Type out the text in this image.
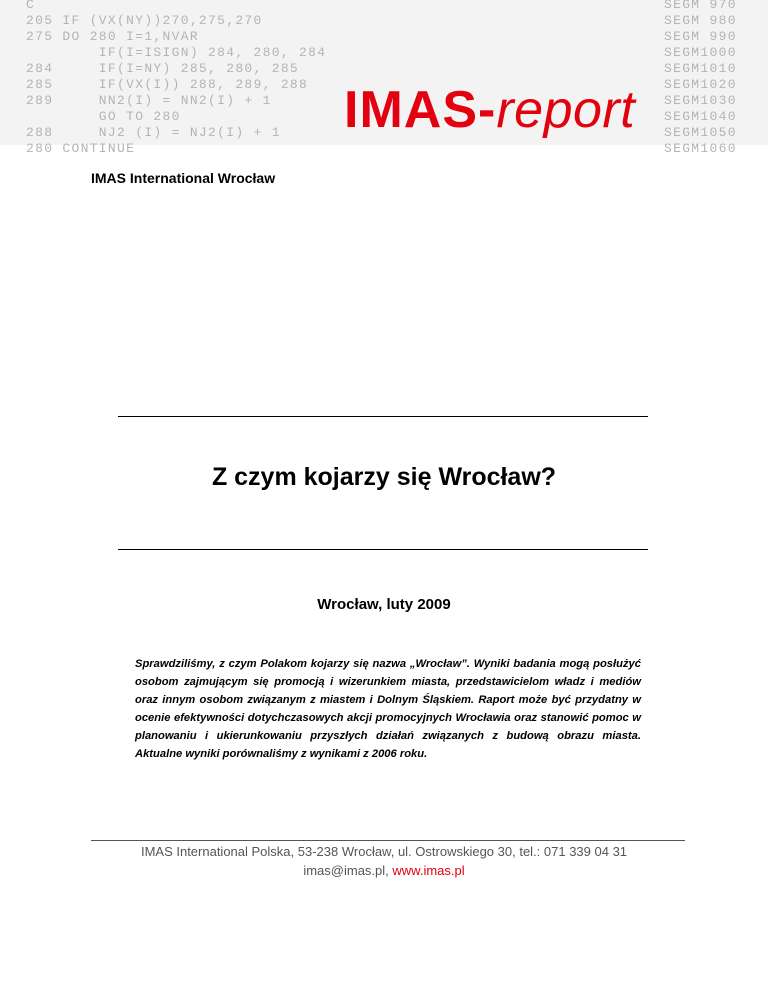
C
205 IF (VX(NY))270,275,270
275 DO 280 I=1,NVAR
IF(I=ISIGN) 284, 280, 284
284     IF(I=NY) 285, 280, 285
285     IF(VX(I)) 288, 289, 288
289     NN2(I) = NN2(I) + 1
GO TO 280
288     NJ2 (I) = NJ2(I) + 1
280 CONTINUE
SEGM 970
SEGM 980
SEGM 990
SEGM1000
SEGM1010
SEGM1020
SEGM1030
SEGM1040
SEGM1050
SEGM1060
IMAS-report
IMAS International Wrocław
Z czym kojarzy się Wrocław?
Wrocław, luty 2009
Sprawdziliśmy, z czym Polakom kojarzy się nazwa „Wrocław”. Wyniki badania mogą posłużyć osobom zajmującym się promocją i wizerunkiem miasta, przedstawicielom władz i mediów oraz innym osobom związanym z miastem i Dolnym Śląskiem. Raport może być przydatny w ocenie efektywności dotychczasowych akcji promocyjnych Wrocławia oraz stanowić pomoc w planowaniu i ukierunkowaniu przyszłych działań związanych z budową obrazu miasta. Aktualne wyniki porównaliśmy z wynikami z 2006 roku.
IMAS International Polska, 53-238 Wrocław, ul. Ostrowskiego 30, tel.: 071 339 04 31
imas@imas.pl, www.imas.pl
